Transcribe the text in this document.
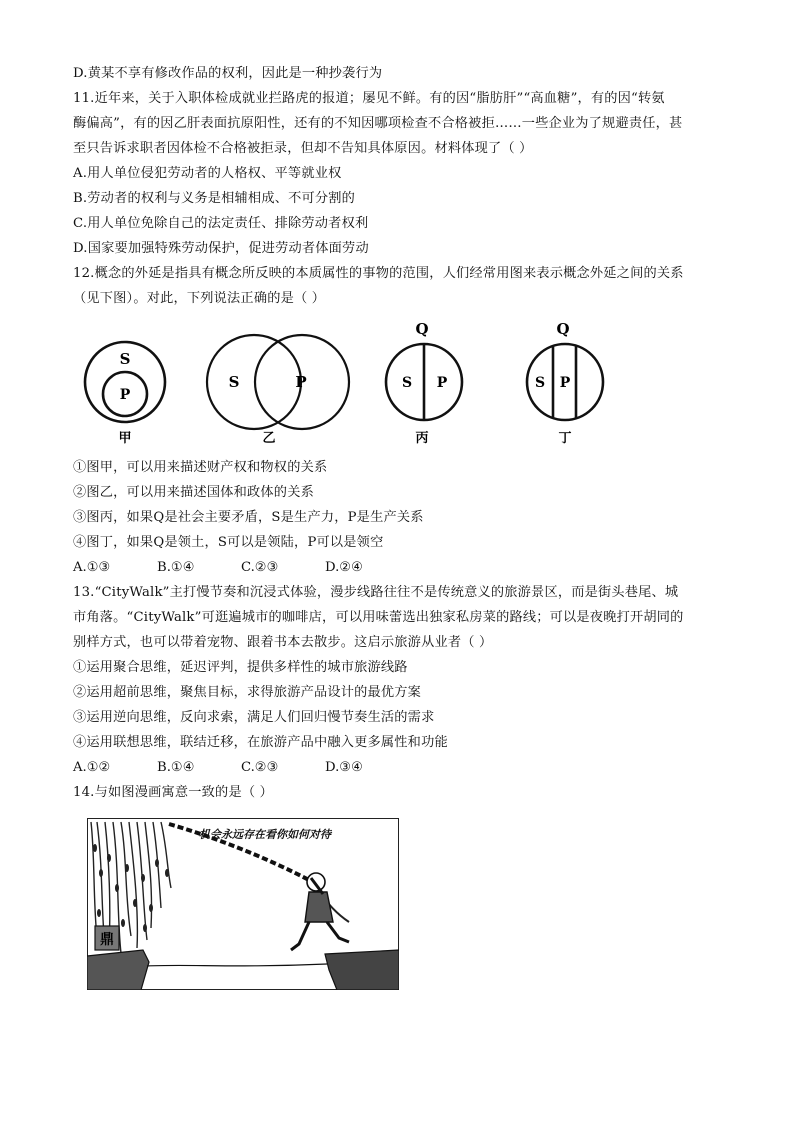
D.黄某不享有修改作品的权利，因此是一种抄袭行为
11.近年来，关于入职体检成就业拦路虎的报道；屡见不鲜。有的因“脂肪肝”“高血糖”，有的因“转氨
酶偏高”，有的因乙肝表面抗原阳性，还有的不知因哪项检查不合格被拒……一些企业为了规避责任，甚
至只告诉求职者因体检不合格被拒录，但却不告知具体原因。材料体现了（ ）
A.用人单位侵犯劳动者的人格权、平等就业权
B.劳动者的权利与义务是相辅相成、不可分割的
C.用人单位免除自己的法定责任、排除劳动者权利
D.国家要加强特殊劳动保护，促进劳动者体面劳动
12.概念的外延是指具有概念所反映的本质属性的事物的范围，人们经常用图来表示概念外延之间的关系
（见下图）。对此，下列说法正确的是（ ）
S
P
甲
S	P
乙
Q
S P
丙
Q
S P
丁
①图甲，可以用来描述财产权和物权的关系
②图乙，可以用来描述国体和政体的关系
③图丙，如果Q是社会主要矛盾，S是生产力，P是生产关系
④图丁，如果Q是领土，S可以是领陆，P可以是领空
A.①③	B.①④	C.②③	D.②④
13.“CityWalk”主打慢节奏和沉浸式体验，漫步线路往往不是传统意义的旅游景区，而是街头巷尾、城
市角落。“CityWalk”可逛遍城市的咖啡店，可以用味蕾选出独家私房菜的路线；可以是夜晚打开胡同的
别样方式，也可以带着宠物、跟着书本去散步。这启示旅游从业者（ ）
①运用聚合思维，延迟评判，提供多样性的城市旅游线路
②运用超前思维，聚焦目标，求得旅游产品设计的最优方案
③运用逆向思维，反向求索，满足人们回归慢节奏生活的需求
④运用联想思维，联结迁移，在旅游产品中融入更多属性和功能
A.①②	B.①④	C.②③	D.③④
14.与如图漫画寓意一致的是（ ）
机会永远存在看你如何对待
鼎
